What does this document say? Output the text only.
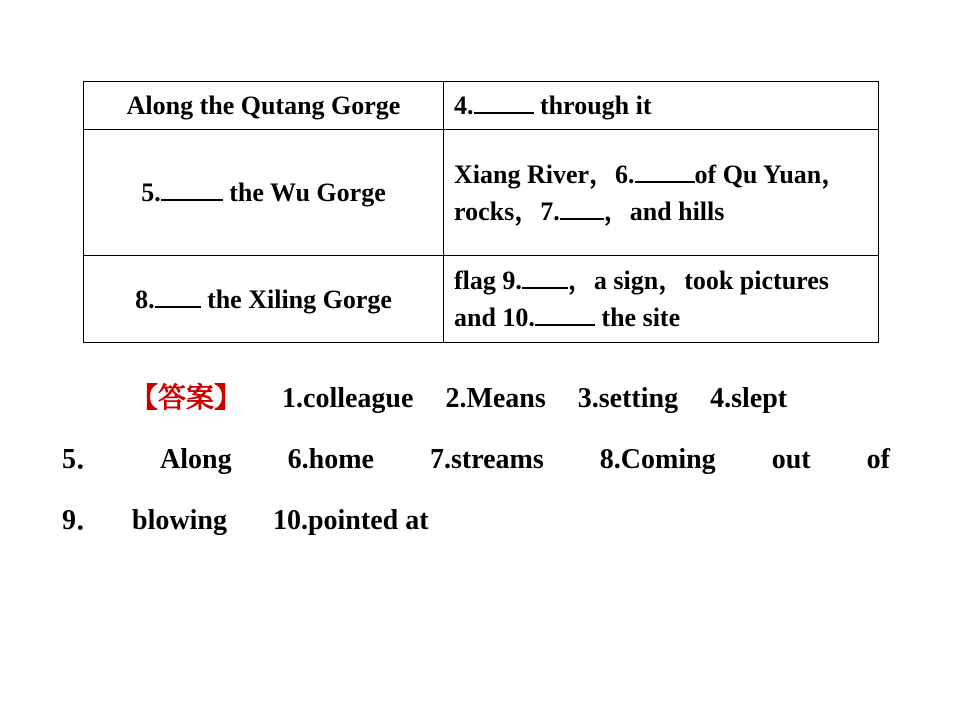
Along the Qutang Gorge	4. through it
5. the Wu Gorge	Xiang River，6. of Qu Yuan，rocks，7. ，and hills
8. the Xiling Gorge	flag 9. ，a sign，took pictures and 10. the site
【答案】 1.colleague 2.Means 3.setting 4.slept
5． Along 6.home 7.streams 8.Coming out of
9． blowing 10.pointed at
